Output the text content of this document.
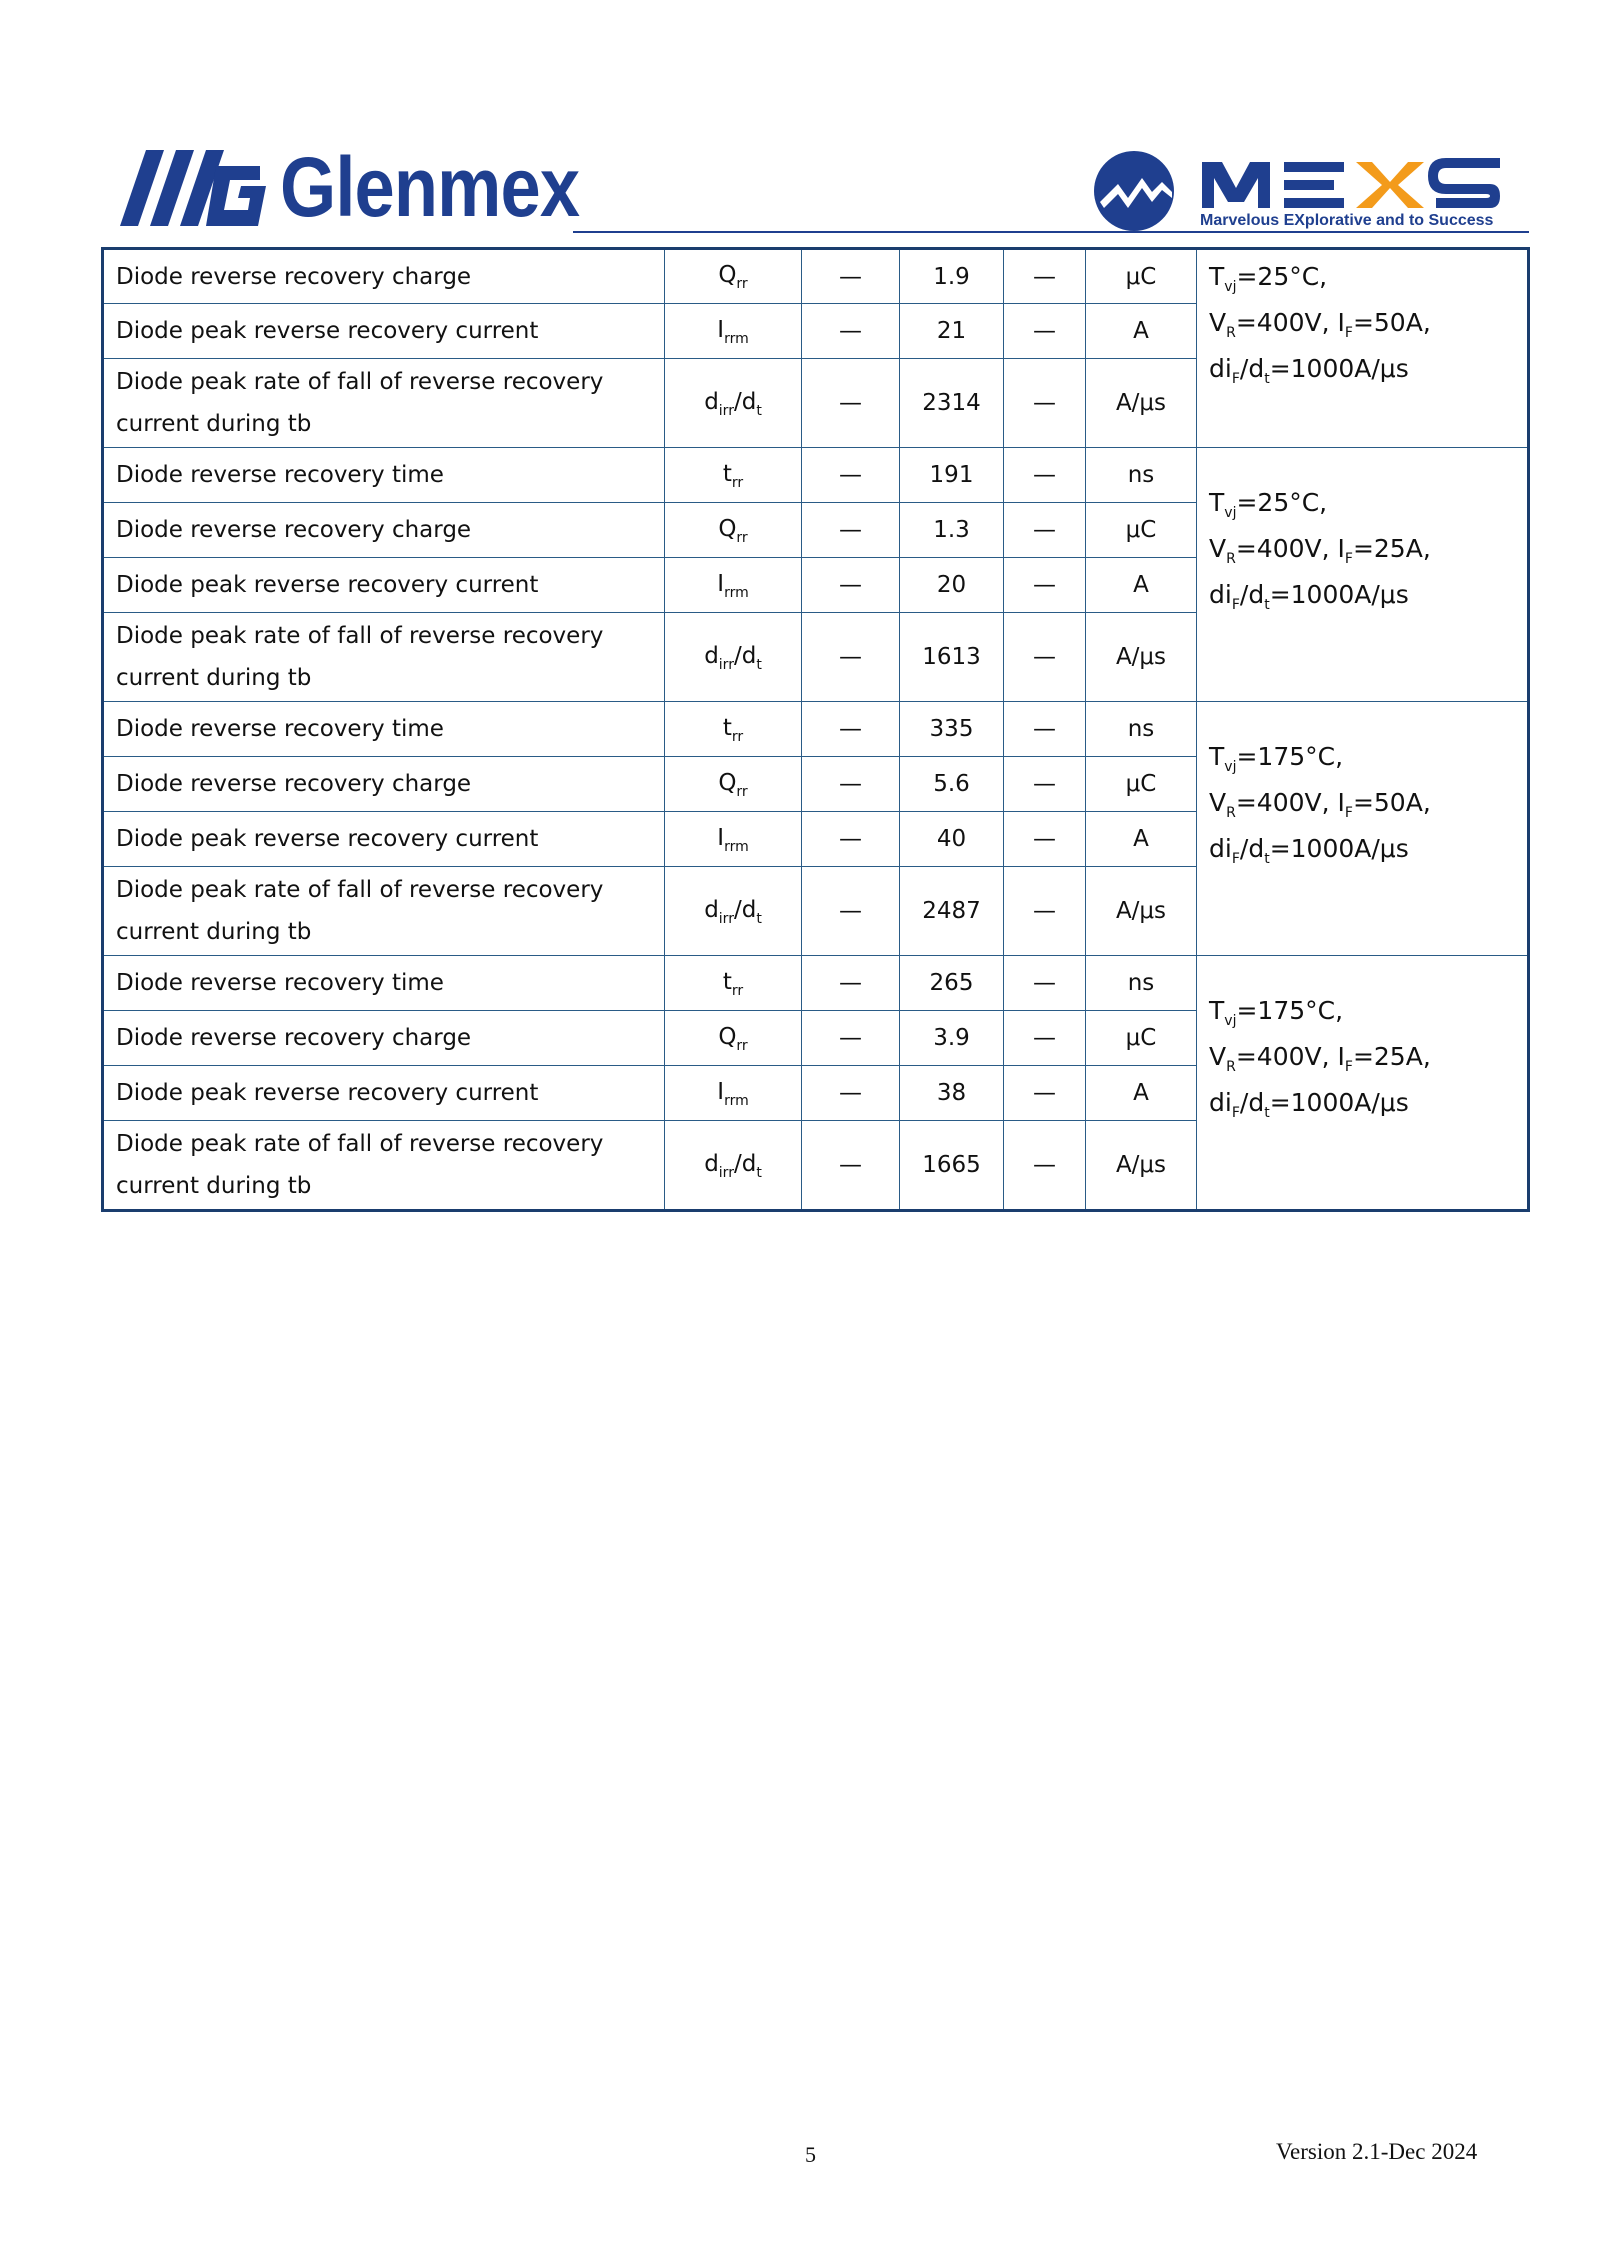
Glenmex	Marvelous EXplorative and to Success
Diode reverse recovery charge	$Q_{rr}$	—	1.9	—	μC	$T_{vj}=25^\circ C$,
$V_R=400V$, $I_F=50A$,
$di_F/d_t=1000A/\mu s$

Diode peak reverse recovery current	$I_{rrm}$	—	21	—	A	
Diode peak rate of fall of reverse recovery current during tb	$d_{irr}/d_t$	—	2314	—	A/μs	
Diode reverse recovery time	$t_{rr}$	—	191	—	ns	$T_{vj}=25^\circ C$,
$V_R=400V$, $I_F=25A$,
$di_F/d_t=1000A/\mu s$

Diode reverse recovery charge	$Q_{rr}$	—	1.3	—	μC	
Diode peak reverse recovery current	$I_{rrm}$	—	20	—	A	
Diode peak rate of fall of reverse recovery current during tb	$d_{irr}/d_t$	—	1613	—	A/μs	
Diode reverse recovery time	$t_{rr}$	—	335	—	ns	$T_{vj}=175^\circ C$,
$V_R=400V$, $I_F=50A$,
$di_F/d_t=1000A/\mu s$

Diode reverse recovery charge	$Q_{rr}$	—	5.6	—	μC	
Diode peak reverse recovery current	$I_{rrm}$	—	40	—	A	
Diode peak rate of fall of reverse recovery current during tb	$d_{irr}/d_t$	—	2487	—	A/μs	
Diode reverse recovery time	$t_{rr}$	—	265	—	ns	$T_{vj}=175^\circ C$,
$V_R=400V$, $I_F=25A$,
$di_F/d_t=1000A/\mu s$

Diode reverse recovery charge	$Q_{rr}$	—	3.9	—	μC	
Diode peak reverse recovery current	$I_{rrm}$	—	38	—	A	
Diode peak rate of fall of reverse recovery current during tb	$d_{irr}/d_t$	—	1665	—	A/μs	
5	Version 2.1-Dec 2024
